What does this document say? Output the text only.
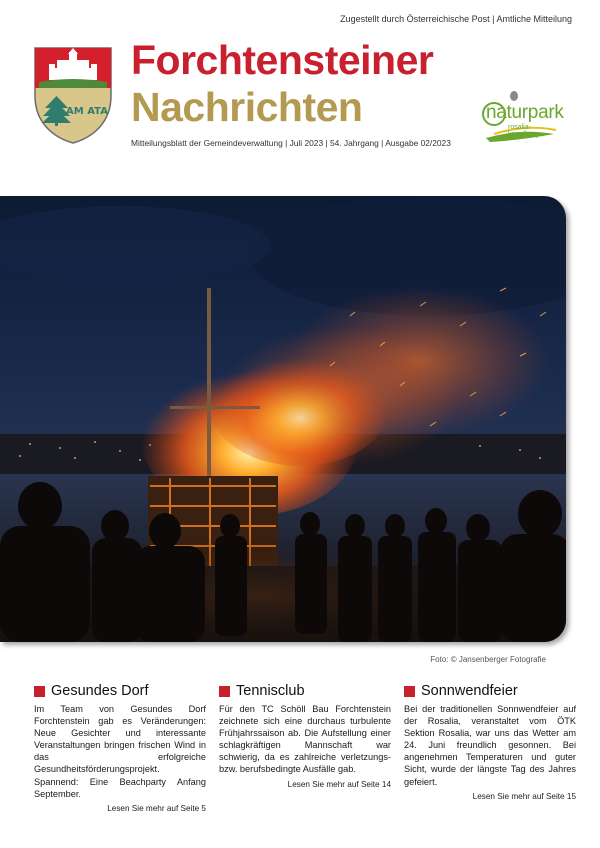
Zugestellt durch Österreichische Post | Amtliche Mitteilung
AM ATA
Forchtensteiner
Nachrichten
Mitteilungsblatt der Gemeindeverwaltung | Juli 2023 | 54. Jahrgang | Ausgabe 02/2023
naturpark
rosalia-kogelberg
Foto: © Jansenberger Fotografie
Gesundes Dorf

Im Team von Gesundes Dorf Forchtenstein gab es Veränderungen: Neue Gesichter und interessante Veranstaltungen bringen frischen Wind in das erfolgreiche Gesundheitsförderungsprojekt. Spannend: Eine Beachparty Anfang September.

Lesen Sie mehr auf Seite 5
Tennisclub

Für den TC Schöll Bau Forchtenstein zeichnete sich eine durchaus turbulente Frühjahrssaison ab. Die Aufstellung einer schlagkräftigen Mannschaft war schwierig, da es zahlreiche verletzungs- bzw. berufsbedingte Ausfälle gab.

Lesen Sie mehr auf Seite 14
Sonnwendfeier

Bei der traditionellen Sonnwendfeier auf der Rosalia, veranstaltet vom ÖTK Sektion Rosalia, war uns das Wetter am 24. Juni freundlich gesonnen. Bei angenehmen Temperaturen und guter Sicht, wurde der längste Tag des Jahres gefeiert.

Lesen Sie mehr auf Seite 15
